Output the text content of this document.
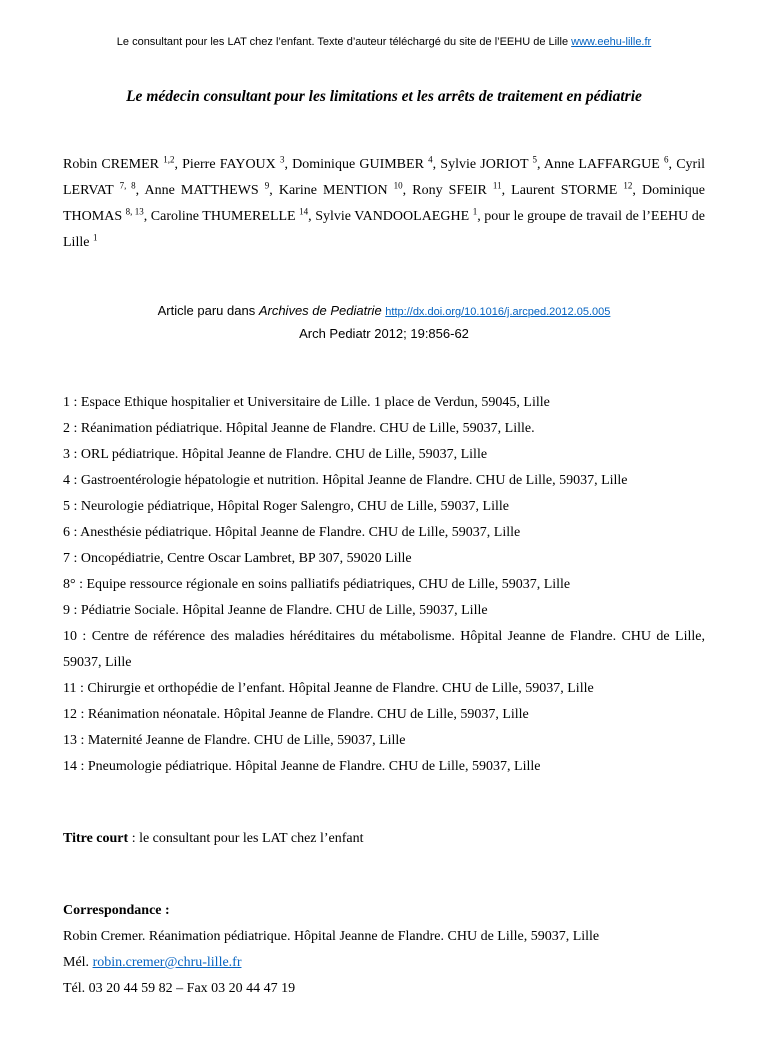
Le consultant pour les LAT chez l’enfant. Texte d’auteur téléchargé du site de l’EEHU de Lille www.eehu-lille.fr
Le médecin consultant pour les limitations et les arrêts de traitement en pédiatrie

Robin CREMER $^{1,2}$, Pierre FAYOUX $^3$, Dominique GUIMBER $^4$, Sylvie JORIOT $^5$, Anne LAFFARGUE $^6$, Cyril LERVAT $^{7, 8}$, Anne MATTHEWS $^9$, Karine MENTION $^{10}$, Rony SFEIR $^{11}$, Laurent STORME $^{12}$, Dominique THOMAS $^{8, 13}$, Caroline THUMERELLE $^{14}$, Sylvie VANDOOLAEGHE $^1$, pour le groupe de travail de l’EEHU de Lille $^1$

Article paru dans Archives de Pediatrie http://dx.doi.org/10.1016/j.arcped.2012.05.005
Arch Pediatr 2012; 19:856-62

1 : Espace Ethique hospitalier et Universitaire de Lille. 1 place de Verdun, 59045, Lille

2 : Réanimation pédiatrique. Hôpital Jeanne de Flandre. CHU de Lille, 59037, Lille.

3 : ORL pédiatrique. Hôpital Jeanne de Flandre. CHU de Lille, 59037, Lille

4 : Gastroentérologie hépatologie et nutrition. Hôpital Jeanne de Flandre. CHU de Lille, 59037, Lille

5 : Neurologie pédiatrique, Hôpital Roger Salengro, CHU de Lille, 59037, Lille

6 : Anesthésie pédiatrique. Hôpital Jeanne de Flandre. CHU de Lille, 59037, Lille

7 : Oncopédiatrie, Centre Oscar Lambret, BP 307, 59020 Lille

8° : Equipe ressource régionale en soins palliatifs pédiatriques, CHU de Lille, 59037, Lille

9 : Pédiatrie Sociale. Hôpital Jeanne de Flandre. CHU de Lille, 59037, Lille

10 : Centre de référence des maladies héréditaires du métabolisme. Hôpital Jeanne de Flandre. CHU de Lille, 59037, Lille

11 : Chirurgie et orthopédie de l’enfant. Hôpital Jeanne de Flandre. CHU de Lille, 59037, Lille

12 : Réanimation néonatale. Hôpital Jeanne de Flandre. CHU de Lille, 59037, Lille

13 : Maternité Jeanne de Flandre. CHU de Lille, 59037, Lille

14 : Pneumologie pédiatrique. Hôpital Jeanne de Flandre. CHU de Lille, 59037, Lille

Titre court : le consultant pour les LAT chez l’enfant

Correspondance :

Robin Cremer. Réanimation pédiatrique. Hôpital Jeanne de Flandre. CHU de Lille, 59037, Lille

Mél. robin.cremer@chru-lille.fr

Tél. 03 20 44 59 82 – Fax 03 20 44 47 19
